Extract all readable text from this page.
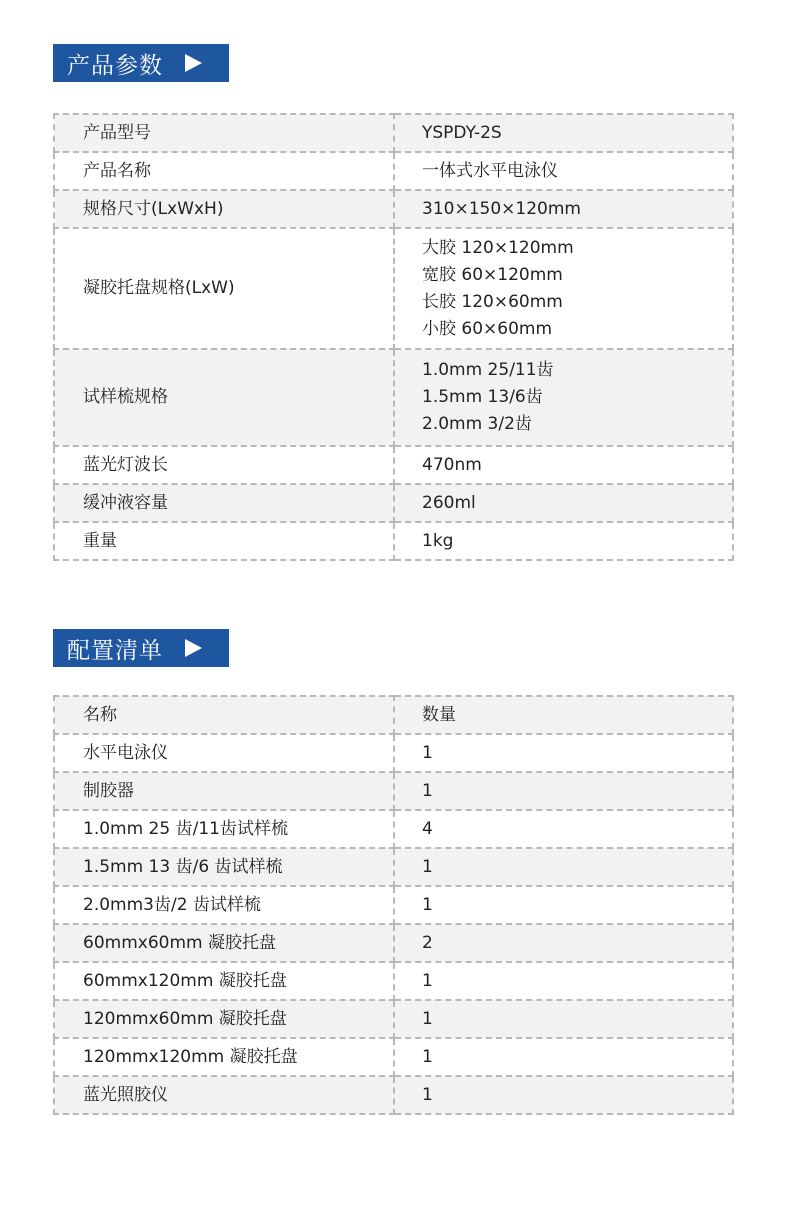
产品参数
产品型号	YSPDY-2S
产品名称	一体式水平电泳仪
规格尺寸(LxWxH)	310×150×120mm
凝胶托盘规格(LxW)	大胶 120×120mm
宽胶 60×120mm
长胶 120×60mm
小胶 60×60mm

试样梳规格	1.0mm 25/11齿
1.5mm 13/6齿
2.0mm 3/2齿

蓝光灯波长	470nm
缓冲液容量	260ml
重量	1kg
配置清单
名称	数量
水平电泳仪	1
制胶器	1
1.0mm 25 齿/11齿试样梳	4
1.5mm 13 齿/6 齿试样梳	1
2.0mm3齿/2 齿试样梳	1
60mmx60mm 凝胶托盘	2
60mmx120mm 凝胶托盘	1
120mmx60mm 凝胶托盘	1
120mmx120mm 凝胶托盘	1
蓝光照胶仪	1
